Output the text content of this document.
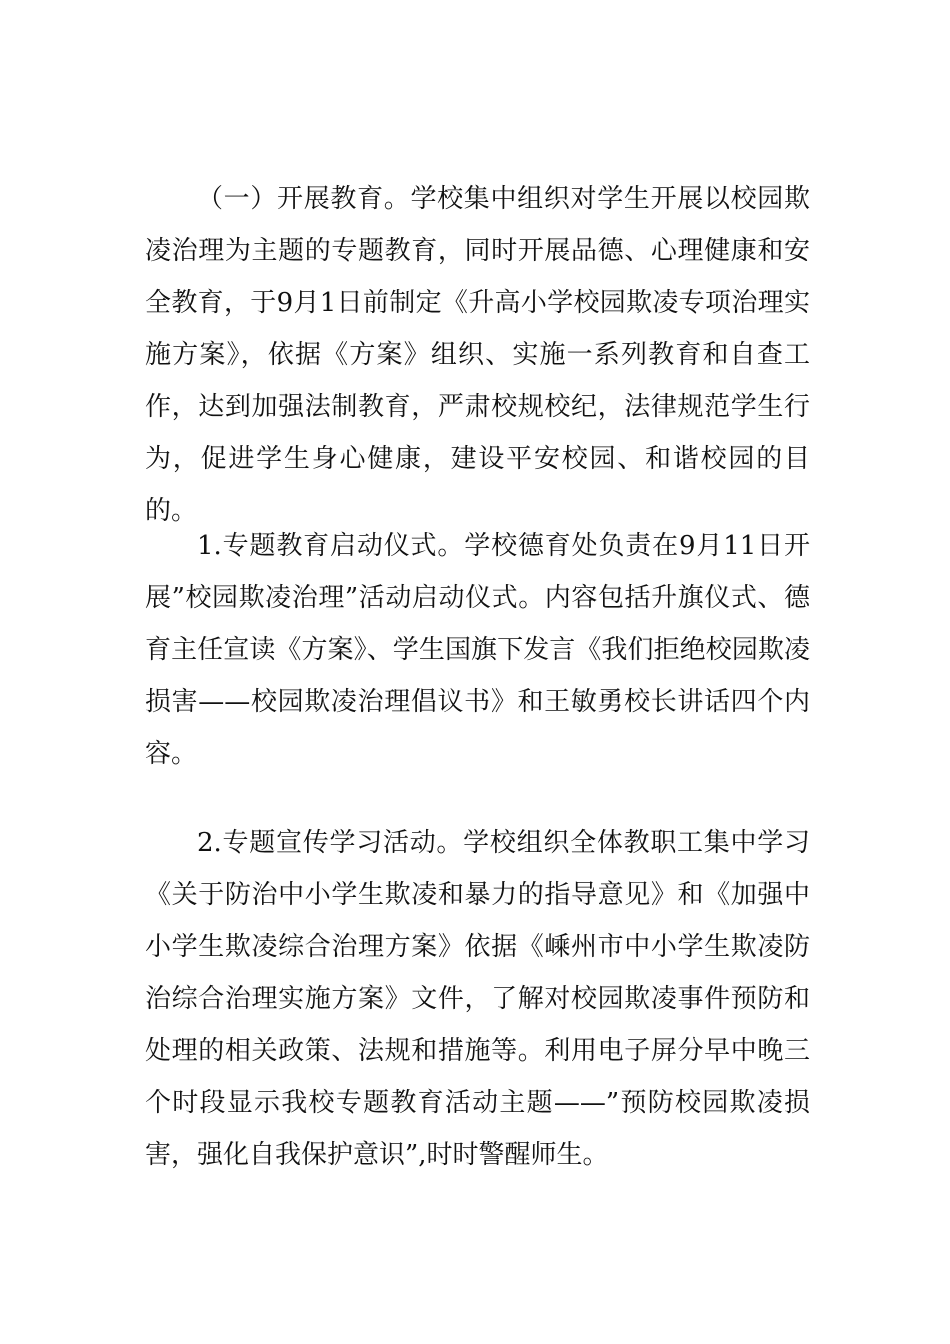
（一）开展教育。学校集中组织对学生开展以校园欺凌治理为主题的专题教育，同时开展品德、心理健康和安全教育，于9月1日前制定《升高小学校园欺凌专项治理实施方案》，依据《方案》组织、实施一系列教育和自查工作，达到加强法制教育，严肃校规校纪，法律规范学生行为，促进学生身心健康，建设平安校园、和谐校园的目的。

1.专题教育启动仪式。学校德育处负责在9月11日开展”校园欺凌治理”活动启动仪式。内容包括升旗仪式、德育主任宣读《方案》、学生国旗下发言《我们拒绝校园欺凌损害——校园欺凌治理倡议书》和王敏勇校长讲话四个内容。

2.专题宣传学习活动。学校组织全体教职工集中学习《关于防治中小学生欺凌和暴力的指导意见》和《加强中小学生欺凌综合治理方案》依据《嵊州市中小学生欺凌防治综合治理实施方案》文件，了解对校园欺凌事件预防和处理的相关政策、法规和措施等。利用电子屏分早中晚三个时段显示我校专题教育活动主题——”预防校园欺凌损害，强化自我保护意识”,时时警醒师生。
